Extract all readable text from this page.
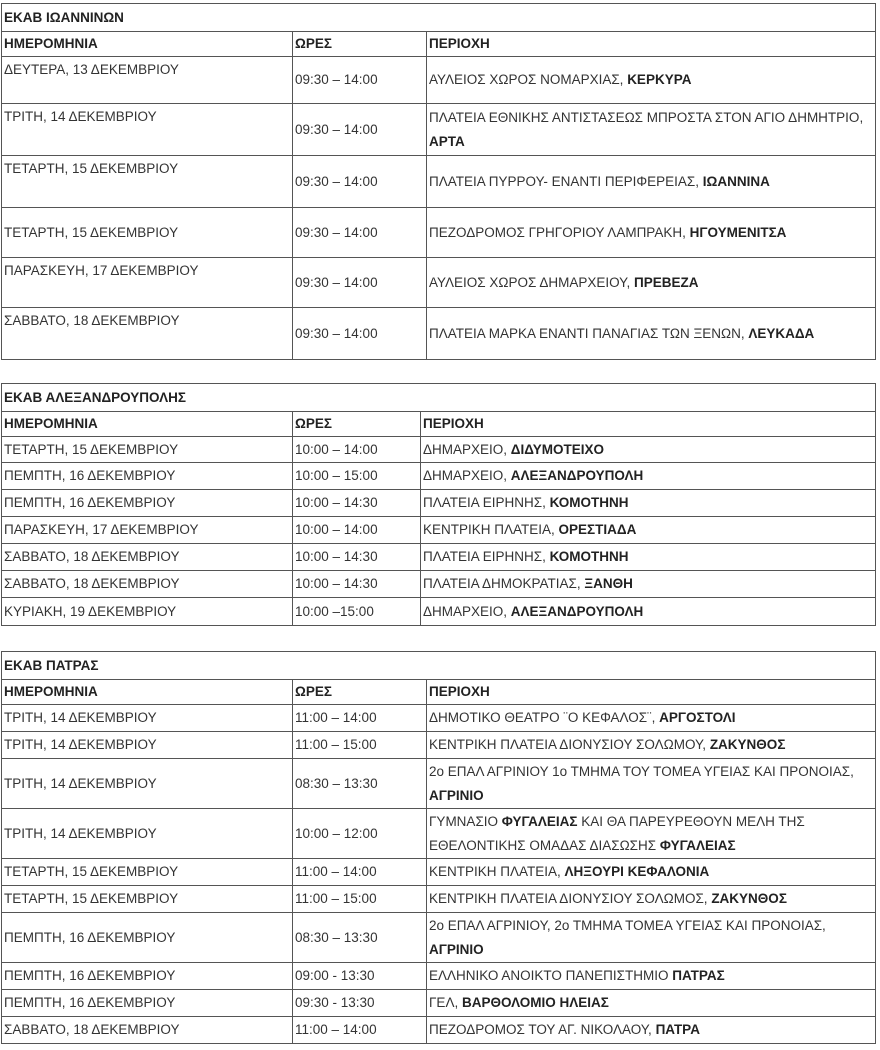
ΕΚΑΒ ΙΩΑΝΝΙΝΩΝ		
ΗΜΕΡΟΜΗΝΙΑ	ΩΡΕΣ	ΠΕΡΙΟΧΗ
ΔΕΥΤΕΡΑ, 13 ΔΕΚΕΜΒΡΙΟΥ	09:30 – 14:00	ΑΥΛΕΙΟΣ ΧΩΡΟΣ ΝΟΜΑΡΧΙΑΣ, ΚΕΡΚΥΡΑ
ΤΡΙΤΗ, 14 ΔΕΚΕΜΒΡΙΟΥ	09:30 – 14:00	ΠΛΑΤΕΙΑ ΕΘΝΙΚΗΣ ΑΝΤΙΣΤΑΣΕΩΣ ΜΠΡΟΣΤΑ ΣΤΟΝ ΑΓΙΟ ΔΗΜΗΤΡΙΟ, ΑΡΤΑ
ΤΕΤΑΡΤΗ, 15 ΔΕΚΕΜΒΡΙΟΥ	09:30 – 14:00	ΠΛΑΤΕΙΑ ΠΥΡΡΟΥ- ΕΝΑΝΤΙ ΠΕΡΙΦΕΡΕΙΑΣ, ΙΩΑΝΝΙΝΑ
ΤΕΤΑΡΤΗ, 15 ΔΕΚΕΜΒΡΙΟΥ	09:30 – 14:00	ΠΕΖΟΔΡΟΜΟΣ ΓΡΗΓΟΡΙΟΥ ΛΑΜΠΡΑΚΗ, ΗΓΟΥΜΕΝΙΤΣΑ
ΠΑΡΑΣΚΕΥΗ, 17 ΔΕΚΕΜΒΡΙΟΥ	09:30 – 14:00	ΑΥΛΕΙΟΣ ΧΩΡΟΣ ΔΗΜΑΡΧΕΙΟΥ, ΠΡΕΒΕΖΑ
ΣΑΒΒΑΤΟ, 18 ΔΕΚΕΜΒΡΙΟΥ	09:30 – 14:00	ΠΛΑΤΕΙΑ ΜΑΡΚΑ ΕΝΑΝΤΙ ΠΑΝΑΓΙΑΣ ΤΩΝ ΞΕΝΩΝ, ΛΕΥΚΑΔΑ
ΕΚΑΒ ΑΛΕΞΑΝΔΡΟΥΠΟΛΗΣ		
ΗΜΕΡΟΜΗΝΙΑ	ΩΡΕΣ	ΠΕΡΙΟΧΗ
ΤΕΤΑΡΤΗ, 15 ΔΕΚΕΜΒΡΙΟΥ	10:00 – 14:00	ΔΗΜΑΡΧΕΙΟ, ΔΙΔΥΜΟΤΕΙΧΟ
ΠΕΜΠΤΗ, 16 ΔΕΚΕΜΒΡΙΟΥ	10:00 – 15:00	ΔΗΜΑΡΧΕΙΟ, ΑΛΕΞΑΝΔΡΟΥΠΟΛΗ
ΠΕΜΠΤΗ, 16 ΔΕΚΕΜΒΡΙΟΥ	10:00 – 14:30	ΠΛΑΤΕΙΑ ΕΙΡΗΝΗΣ, ΚΟΜΟΤΗΝΗ
ΠΑΡΑΣΚΕΥΗ, 17 ΔΕΚΕΜΒΡΙΟΥ	10:00 – 14:00	ΚΕΝΤΡΙΚΗ ΠΛΑΤΕΙΑ, ΟΡΕΣΤΙΑΔΑ
ΣΑΒΒΑΤΟ, 18 ΔΕΚΕΜΒΡΙΟΥ	10:00 – 14:30	ΠΛΑΤΕΙΑ ΕΙΡΗΝΗΣ, ΚΟΜΟΤΗΝΗ
ΣΑΒΒΑΤΟ, 18 ΔΕΚΕΜΒΡΙΟΥ	10:00 – 14:30	ΠΛΑΤΕΙΑ ΔΗΜΟΚΡΑΤΙΑΣ, ΞΑΝΘΗ
ΚΥΡΙΑΚΗ, 19 ΔΕΚΕΜΒΡΙΟΥ	10:00 –15:00	ΔΗΜΑΡΧΕΙΟ, ΑΛΕΞΑΝΔΡΟΥΠΟΛΗ
ΕΚΑΒ ΠΑΤΡΑΣ		
ΗΜΕΡΟΜΗΝΙΑ	ΩΡΕΣ	ΠΕΡΙΟΧΗ
ΤΡΙΤΗ, 14 ΔΕΚΕΜΒΡΙΟΥ	11:00 – 14:00	ΔΗΜΟΤΙΚΟ ΘΕΑΤΡΟ ¨Ο ΚΕΦΑΛΟΣ¨, ΑΡΓΟΣΤΟΛΙ
ΤΡΙΤΗ, 14 ΔΕΚΕΜΒΡΙΟΥ	11:00 – 15:00	ΚΕΝΤΡΙΚΗ ΠΛΑΤΕΙΑ ΔΙΟΝΥΣΙΟΥ ΣΟΛΩΜΟΥ, ΖΑΚΥΝΘΟΣ
ΤΡΙΤΗ, 14 ΔΕΚΕΜΒΡΙΟΥ	08:30 – 13:30	2ο ΕΠΑΛ ΑΓΡΙΝΙΟΥ 1ο ΤΜΗΜΑ ΤΟΥ ΤΟΜΕΑ ΥΓΕΙΑΣ ΚΑΙ ΠΡΟΝΟΙΑΣ, ΑΓΡΙΝΙΟ
ΤΡΙΤΗ, 14 ΔΕΚΕΜΒΡΙΟΥ	10:00 – 12:00	ΓΥΜΝΑΣΙΟ ΦΥΓΑΛΕΙΑΣ ΚΑΙ ΘΑ ΠΑΡΕΥΡΕΘΟΥΝ ΜΕΛΗ ΤΗΣ ΕΘΕΛΟΝΤΙΚΗΣ ΟΜΑΔΑΣ ΔΙΑΣΩΣΗΣ ΦΥΓΑΛΕΙΑΣ
ΤΕΤΑΡΤΗ, 15 ΔΕΚΕΜΒΡΙΟΥ	11:00 – 14:00	ΚΕΝΤΡΙΚΗ ΠΛΑΤΕΙΑ, ΛΗΞΟΥΡΙ ΚΕΦΑΛΟΝΙΑ
ΤΕΤΑΡΤΗ, 15 ΔΕΚΕΜΒΡΙΟΥ	11:00 – 15:00	ΚΕΝΤΡΙΚΗ ΠΛΑΤΕΙΑ ΔΙΟΝΥΣΙΟΥ ΣΟΛΩΜΟΣ, ΖΑΚΥΝΘΟΣ
ΠΕΜΠΤΗ, 16 ΔΕΚΕΜΒΡΙΟΥ	08:30 – 13:30	2ο ΕΠΑΛ ΑΓΡΙΝΙΟΥ, 2ο ΤΜΗΜΑ ΤΟΜΕΑ ΥΓΕΙΑΣ ΚΑΙ ΠΡΟΝΟΙΑΣ, ΑΓΡΙΝΙΟ
ΠΕΜΠΤΗ, 16 ΔΕΚΕΜΒΡΙΟΥ	09:00 - 13:30	ΕΛΛΗΝΙΚΟ ΑΝΟΙΚΤΟ ΠΑΝΕΠΙΣΤΗΜΙΟ ΠΑΤΡΑΣ
ΠΕΜΠΤΗ, 16 ΔΕΚΕΜΒΡΙΟΥ	09:30 - 13:30	ΓΕΛ, ΒΑΡΘΟΛΟΜΙΟ ΗΛΕΙΑΣ
ΣΑΒΒΑΤΟ, 18 ΔΕΚΕΜΒΡΙΟΥ	11:00 – 14:00	ΠΕΖΟΔΡΟΜΟΣ ΤΟΥ ΑΓ. ΝΙΚΟΛΑΟΥ, ΠΑΤΡΑ
